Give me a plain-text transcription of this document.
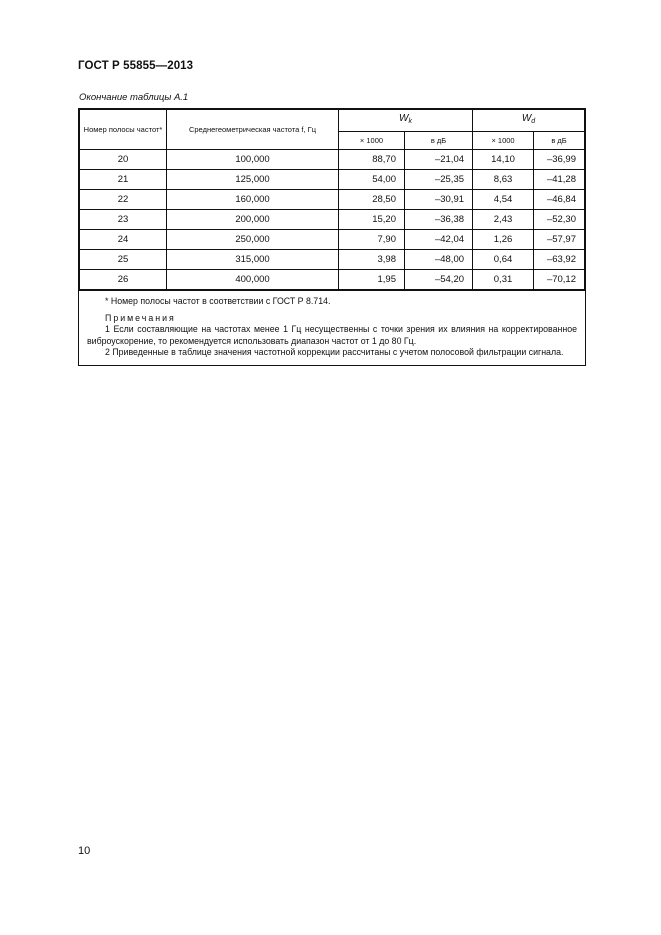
ГОСТ Р 55855—2013
Окончание таблицы А.1
Номер полосы частот*	Среднегеометрическая частота f, Гц	Wk		Wd	
		× 1000	в дБ	× 1000	в дБ
20	100,000	88,70	–21,04	14,10	–36,99
21	125,000	54,00	–25,35	8,63	–41,28
22	160,000	28,50	–30,91	4,54	–46,84
23	200,000	15,20	–36,38	2,43	–52,30
24	250,000	7,90	–42,04	1,26	–57,97
25	315,000	3,98	–48,00	0,64	–63,92
26	400,000	1,95	–54,20	0,31	–70,12
* Номер полосы частот в соответствии с ГОСТ Р 8.714.
Примечания
1 Если составляющие на частотах менее 1 Гц несущественны с точки зрения их влияния на корректированное виброускорение, то рекомендуется использовать диапазон частот от 1 до 80 Гц.
2 Приведенные в таблице значения частотной коррекции рассчитаны с учетом полосовой фильтрации сигнала.
10
